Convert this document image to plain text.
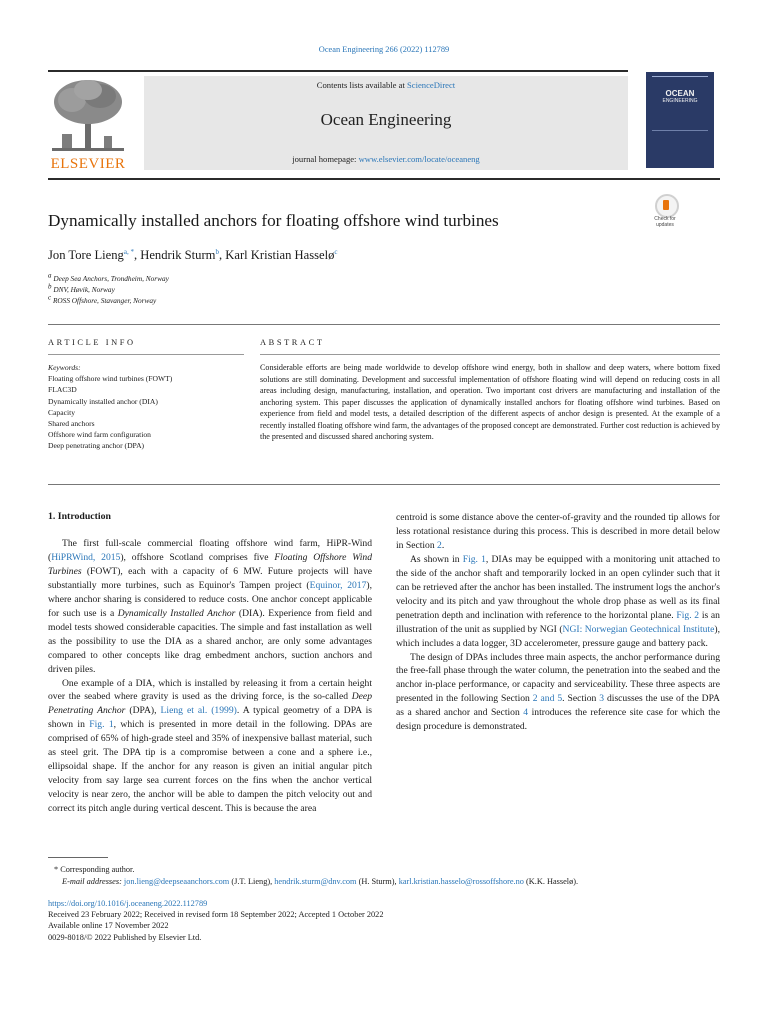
Ocean Engineering 266 (2022) 112789
ELSEVIER
Contents lists available at ScienceDirect
Ocean Engineering
journal homepage: www.elsevier.com/locate/oceaneng
OCEAN
ENGINEERING
Dynamically installed anchors for floating offshore wind turbines	Check for
updates
Jon Tore Lieng$^{a, *}$, Hendrik Sturm$^b$, Karl Kristian Hasselø$^c$
$^a$ Deep Sea Anchors, Trondheim, Norway
$^b$ DNV, Høvik, Norway
$^c$ ROSS Offshore, Stavanger, Norway
ARTICLE INFO	ABSTRACT
Keywords:
Floating offshore wind turbines (FOWT)
FLAC3D
Dynamically installed anchor (DIA)
Capacity
Shared anchors
Offshore wind farm configuration
Deep penetrating anchor (DPA)
Considerable efforts are being made worldwide to develop offshore wind energy, both in shallow and deep waters, where bottom fixed solutions are still dominating. Development and successful implementation of offshore floating wind will depend on reducing costs in all areas including design, manufacturing, installation, and operation. Two important cost drivers are manufacturing and installation of the anchoring system. This paper discusses the application of dynamically installed anchors for floating offshore wind turbines. Based on experience from field and model tests, a detailed description of the different aspects of anchor design is presented. At the example of a recently installed floating offshore wind farm, the advantages of the proposed concept are demonstrated. Further cost reduction is achieved by the presented and discussed shared anchoring system.
1. Introduction

The first full-scale commercial floating offshore wind farm, HiPR-Wind (HiPRWind, 2015), offshore Scotland comprises five Floating Offshore Wind Turbines (FOWT), each with a capacity of 6 MW. Future projects will have substantially more turbines, such as Equinor's Tampen project (Equinor, 2017), where anchor sharing is considered to reduce costs. One anchor concept applicable for such use is a Dynamically Installed Anchor (DIA). Experience from field and model tests showed considerable capacities. The simple and fast installation as well as the possibility to use the DIA as a shared anchor, are only some advantages compared to other concepts like drag embedment anchors, suction anchors and driven piles.

One example of a DIA, which is installed by releasing it from a certain height over the seabed where gravity is used as the driving force, is the so-called Deep Penetrating Anchor (DPA), Lieng et al. (1999). A typical geometry of a DPA is shown in Fig. 1, which is presented in more detail in the following. DPAs are comprised of 65% of high-grade steel and 35% of inexpensive ballast material, such as steel grit. The DPA tip is a compromise between a cone and a sphere i.e., ellipsoidal shape. If the anchor for any reason is given an initial angular pitch velocity from say large sea current forces on the fins when the anchor vertical velocity is near zero, the anchor will be able to dampen the pitch velocity out and correct its pitch angle during vertical descent. This is because the area

centroid is some distance above the center-of-gravity and the rounded tip allows for less rotational resistance during this process. This is described in more detail below in Section 2.

As shown in Fig. 1, DIAs may be equipped with a monitoring unit attached to the side of the anchor shaft and temporarily locked in an open cylinder such that it can be retrieved after the anchor has been installed. The instrument logs the anchor's velocity and its pitch and yaw throughout the whole drop phase as well as its final penetration depth and inclination with reference to the horizontal plane. Fig. 2 is an illustration of the unit as supplied by NGI (NGI: Norwegian Geotechnical Institute), which includes a data logger, 3D accelerometer, pressure gauge and battery pack.

The design of DPAs includes three main aspects, the anchor performance during the free-fall phase through the water column, the penetration into the seabed and the anchor in-place performance, or capacity and serviceability. These three aspects are presented in the following Section 2 and 5. Section 3 discusses the use of the DPA as a shared anchor and Section 4 introduces the reference site case for which the design procedure is demonstrated.

* Corresponding author.
E-mail addresses: jon.lieng@deepseaanchors.com (J.T. Lieng), hendrik.sturm@dnv.com (H. Sturm), karl.kristian.hasselo@rossoffshore.no (K.K. Hasselø).
https://doi.org/10.1016/j.oceaneng.2022.112789
Received 23 February 2022; Received in revised form 18 September 2022; Accepted 1 October 2022
Available online 17 November 2022
0029-8018/© 2022 Published by Elsevier Ltd.
